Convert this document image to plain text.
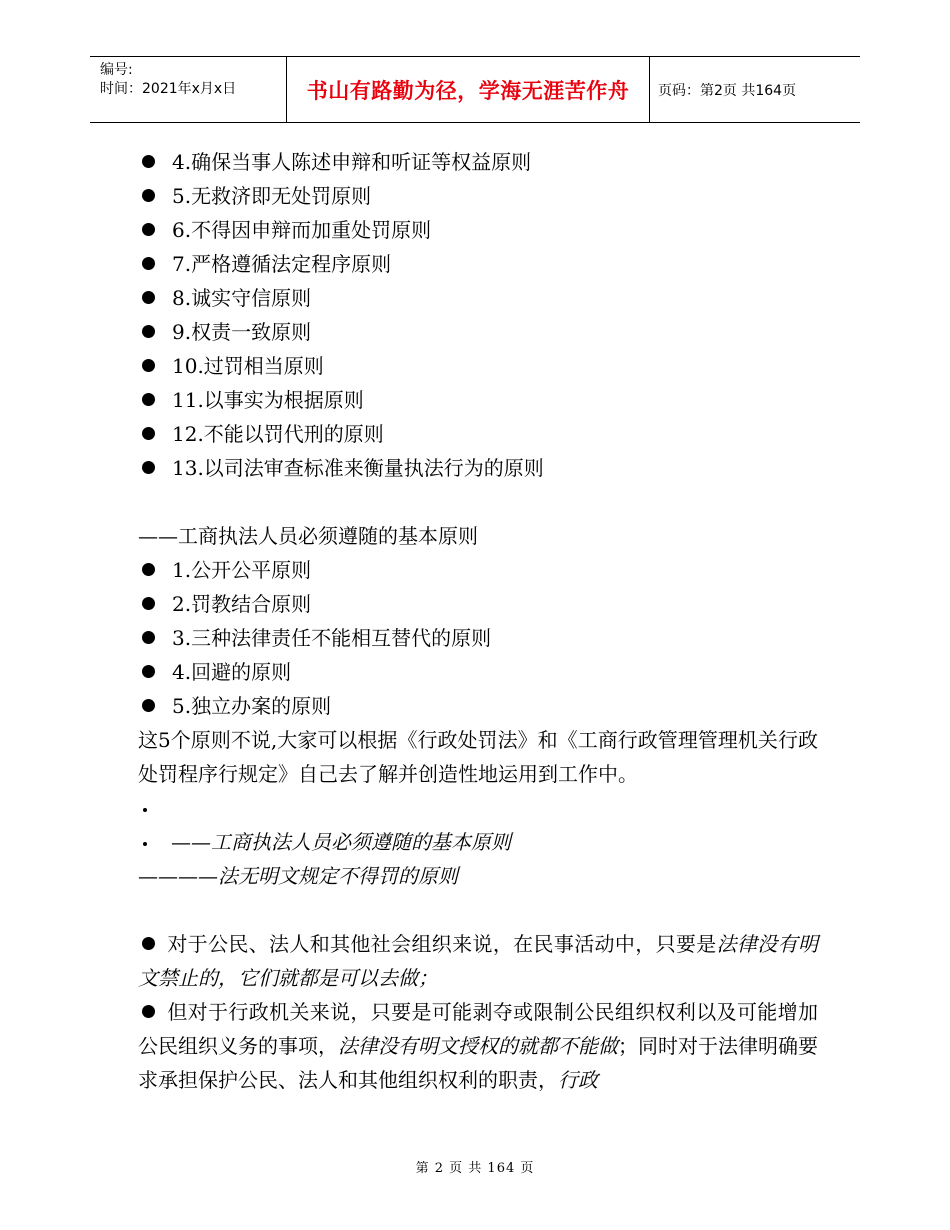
编号:
时间：2021年x月x日	书山有路勤为径，学海无涯苦作舟	页码：第2页 共164页
4.确保当事人陈述申辩和听证等权益原则
5.无救济即无处罚原则
6.不得因申辩而加重处罚原则
7.严格遵循法定程序原则
8.诚实守信原则
9.权责一致原则
10.过罚相当原则
11.以事实为根据原则
12.不能以罚代刑的原则
13.以司法审查标准来衡量执法行为的原则
——工商执法人员必须遵随的基本原则
1.公开公平原则
2.罚教结合原则
3.三种法律责任不能相互替代的原则
4.回避的原则
5.独立办案的原则
这5个原则不说,大家可以根据《行政处罚法》和《工商行政管理管理机关行政处罚程序行规定》自己去了解并创造性地运用到工作中。
——工商执法人员必须遵随的基本原则
————法无明文规定不得罚的原则
对于公民、法人和其他社会组织来说，在民事活动中，只要是法律没有明文禁止的，它们就都是可以去做；
但对于行政机关来说，只要是可能剥夺或限制公民组织权利以及可能增加公民组织义务的事项，法律没有明文授权的就都不能做；同时对于法律明确要求承担保护公民、法人和其他组织权利的职责，行政
第 2 页 共 164 页
